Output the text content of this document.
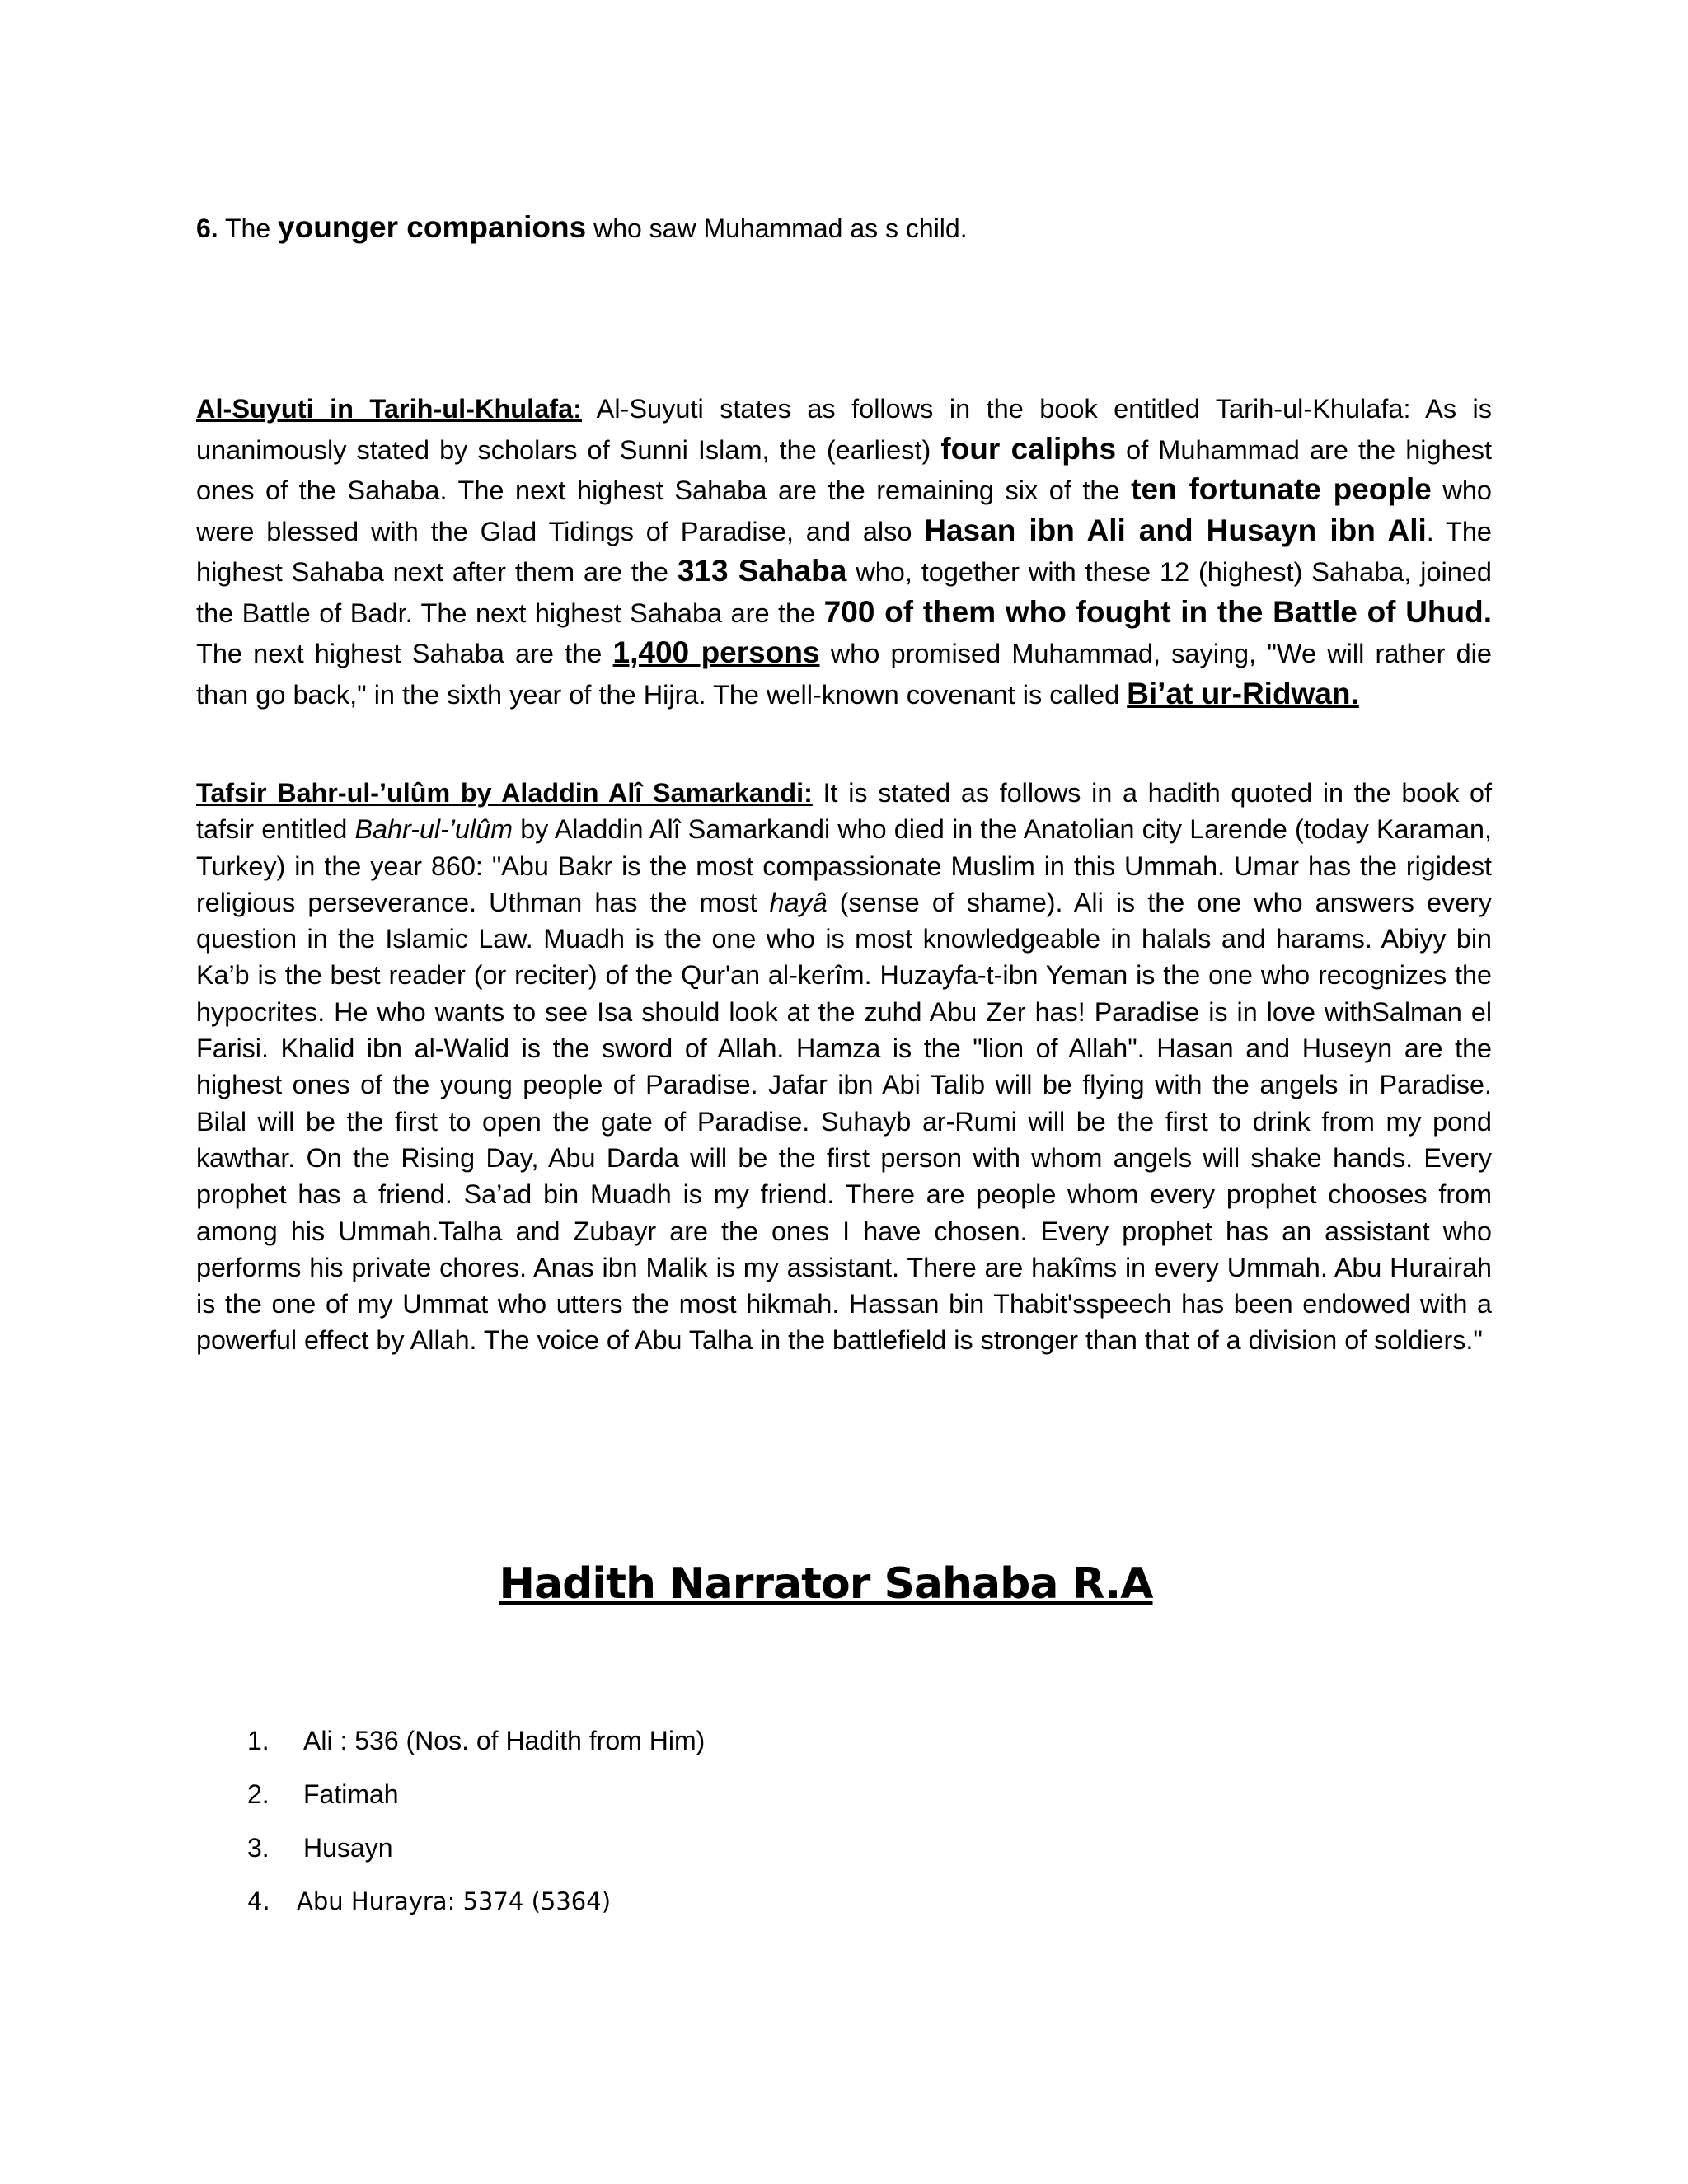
6. The younger companions who saw Muhammad as s child.

Al-Suyuti in Tarih-ul-Khulafa: Al-Suyuti states as follows in the book entitled Tarih-ul-Khulafa: As is unanimously stated by scholars of Sunni Islam, the (earliest) four caliphs of Muhammad are the highest ones of the Sahaba. The next highest Sahaba are the remaining six of the ten fortunate people who were blessed with the Glad Tidings of Paradise, and also Hasan ibn Ali and Husayn ibn Ali. The highest Sahaba next after them are the 313 Sahaba who, together with these 12 (highest) Sahaba, joined the Battle of Badr. The next highest Sahaba are the 700 of them who fought in the Battle of Uhud. The next highest Sahaba are the 1,400 persons who promised Muhammad, saying, "We will rather die than go back," in the sixth year of the Hijra. The well-known covenant is called Bi’at ur-Ridwan.

Tafsir Bahr-ul-’ulûm by Aladdin Alî Samarkandi: It is stated as follows in a hadith quoted in the book of tafsir entitled Bahr-ul-’ulûm by Aladdin Alî Samarkandi who died in the Anatolian city Larende (today Karaman, Turkey) in the year 860: "Abu Bakr is the most compassionate Muslim in this Ummah. Umar has the rigidest religious perseverance. Uthman has the most hayâ (sense of shame). Ali is the one who answers every question in the Islamic Law. Muadh is the one who is most knowledgeable in halals and harams. Abiyy bin Ka’b is the best reader (or reciter) of the Qur'an al-kerîm. Huzayfa-t-ibn Yeman is the one who recognizes the hypocrites. He who wants to see Isa should look at the zuhd Abu Zer has! Paradise is in love withSalman el Farisi. Khalid ibn al-Walid is the sword of Allah. Hamza is the "lion of Allah". Hasan and Huseyn are the highest ones of the young people of Paradise. Jafar ibn Abi Talib will be flying with the angels in Paradise. Bilal will be the first to open the gate of Paradise. Suhayb ar-Rumi will be the first to drink from my pond kawthar. On the Rising Day, Abu Darda will be the first person with whom angels will shake hands. Every prophet has a friend. Sa’ad bin Muadh is my friend. There are people whom every prophet chooses from among his Ummah.Talha and Zubayr are the ones I have chosen. Every prophet has an assistant who performs his private chores. Anas ibn Malik is my assistant. There are hakîms in every Ummah. Abu Hurairah is the one of my Ummat who utters the most hikmah. Hassan bin Thabit'sspeech has been endowed with a powerful effect by Allah. The voice of Abu Talha in the battlefield is stronger than that of a division of soldiers."

Hadith Narrator Sahaba R.A
1. Ali : 536 (Nos. of Hadith from Him)
2. Fatimah
3. Husayn
4. Abu Hurayra: 5374 (5364)
